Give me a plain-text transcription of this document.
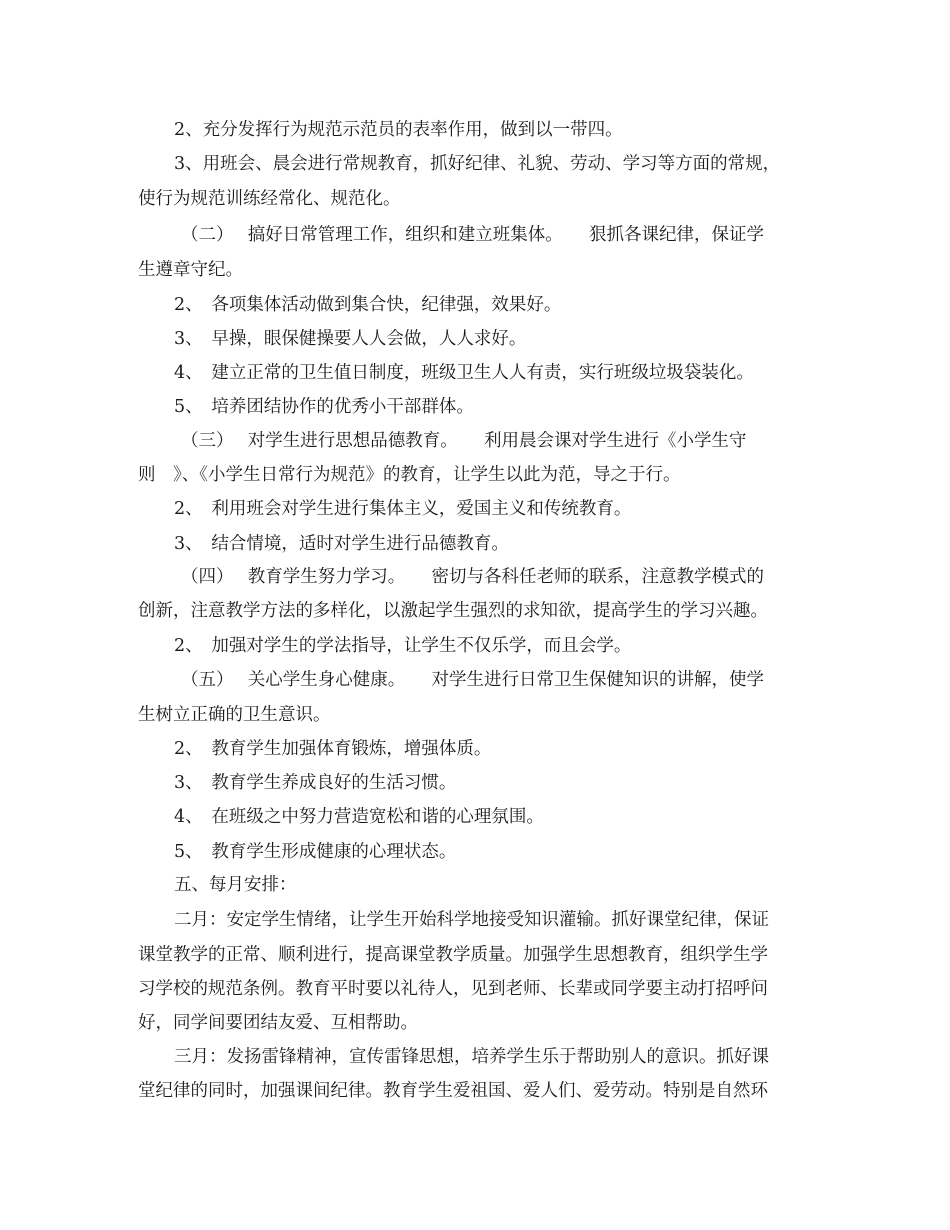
2、充分发挥行为规范示范员的表率作用，做到以一带四。
3、用班会、晨会进行常规教育，抓好纪律、礼貌、劳动、学习等方面的常规，
使行为规范训练经常化、规范化。
（二）　 搞好日常管理工作，组织和建立班集体。　　狠抓各课纪律，保证学
生遵章守纪。
2、　各项集体活动做到集合快，纪律强，效果好。
3、　早操，眼保健操要人人会做，人人求好。
4、　建立正常的卫生值日制度，班级卫生人人有责，实行班级垃圾袋装化。
5、　培养团结协作的优秀小干部群体。
（三）　 对学生进行思想品德教育。　　利用晨会课对学生进行《小学生守
则　》、《小学生日常行为规范》的教育，让学生以此为范，导之于行。
2、　利用班会对学生进行集体主义，爱国主义和传统教育。
3、　结合情境，适时对学生进行品德教育。
（四）　 教育学生努力学习。　　密切与各科任老师的联系，注意教学模式的
创新，注意教学方法的多样化，以激起学生强烈的求知欲，提高学生的学习兴趣。
2、　加强对学生的学法指导，让学生不仅乐学，而且会学。
（五）　 关心学生身心健康。　　对学生进行日常卫生保健知识的讲解，使学
生树立正确的卫生意识。
2、　教育学生加强体育锻炼，增强体质。
3、　教育学生养成良好的生活习惯。
4、　在班级之中努力营造宽松和谐的心理氛围。
5、　教育学生形成健康的心理状态。
五、每月安排：
二月：安定学生情绪，让学生开始科学地接受知识灌输。抓好课堂纪律，保证
课堂教学的正常、顺利进行，提高课堂教学质量。加强学生思想教育，组织学生学
习学校的规范条例。教育平时要以礼待人，见到老师、长辈或同学要主动打招呼问
好，同学间要团结友爱、互相帮助。
三月：发扬雷锋精神，宣传雷锋思想，培养学生乐于帮助别人的意识。抓好课
堂纪律的同时，加强课间纪律。教育学生爱祖国、爱人们、爱劳动。特别是自然环
